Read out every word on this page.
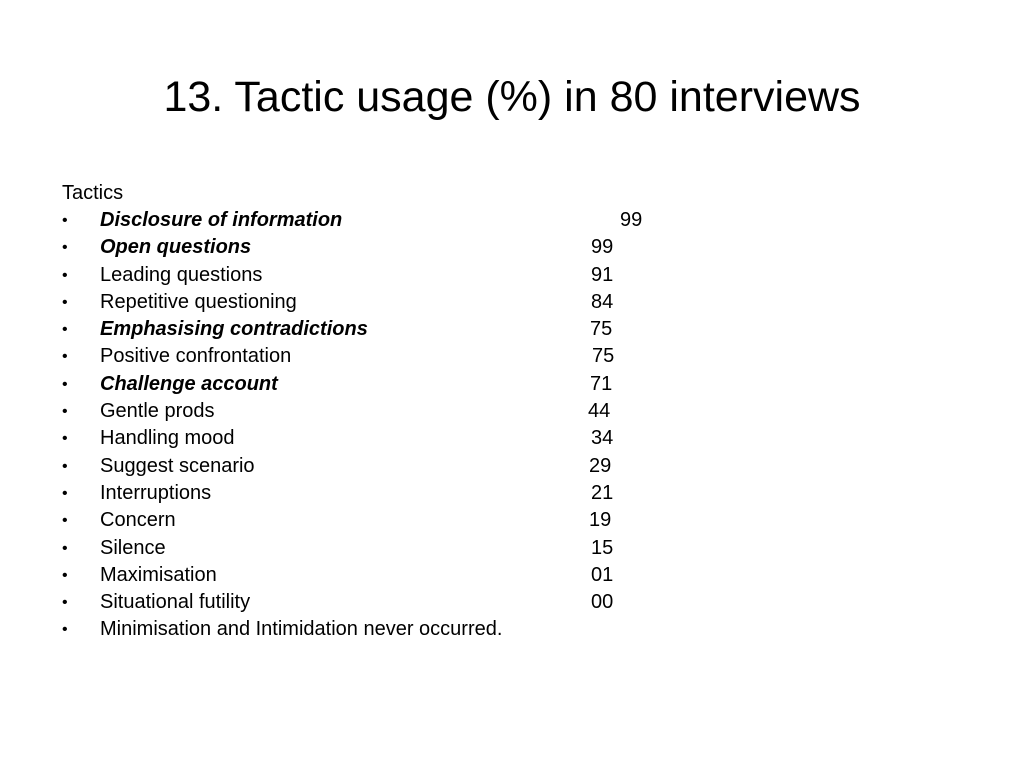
13. Tactic usage (%) in 80 interviews
Tactics
• Disclosure of information	99
• Open questions	99
• Leading questions	91
• Repetitive questioning	84
• Emphasising contradictions	75
• Positive confrontation	75
• Challenge account	71
• Gentle prods	44
• Handling mood	34
• Suggest scenario	29
• Interruptions	21
• Concern	19
• Silence	15
• Maximisation	01
• Situational futility	00
• Minimisation and Intimidation never occurred.
